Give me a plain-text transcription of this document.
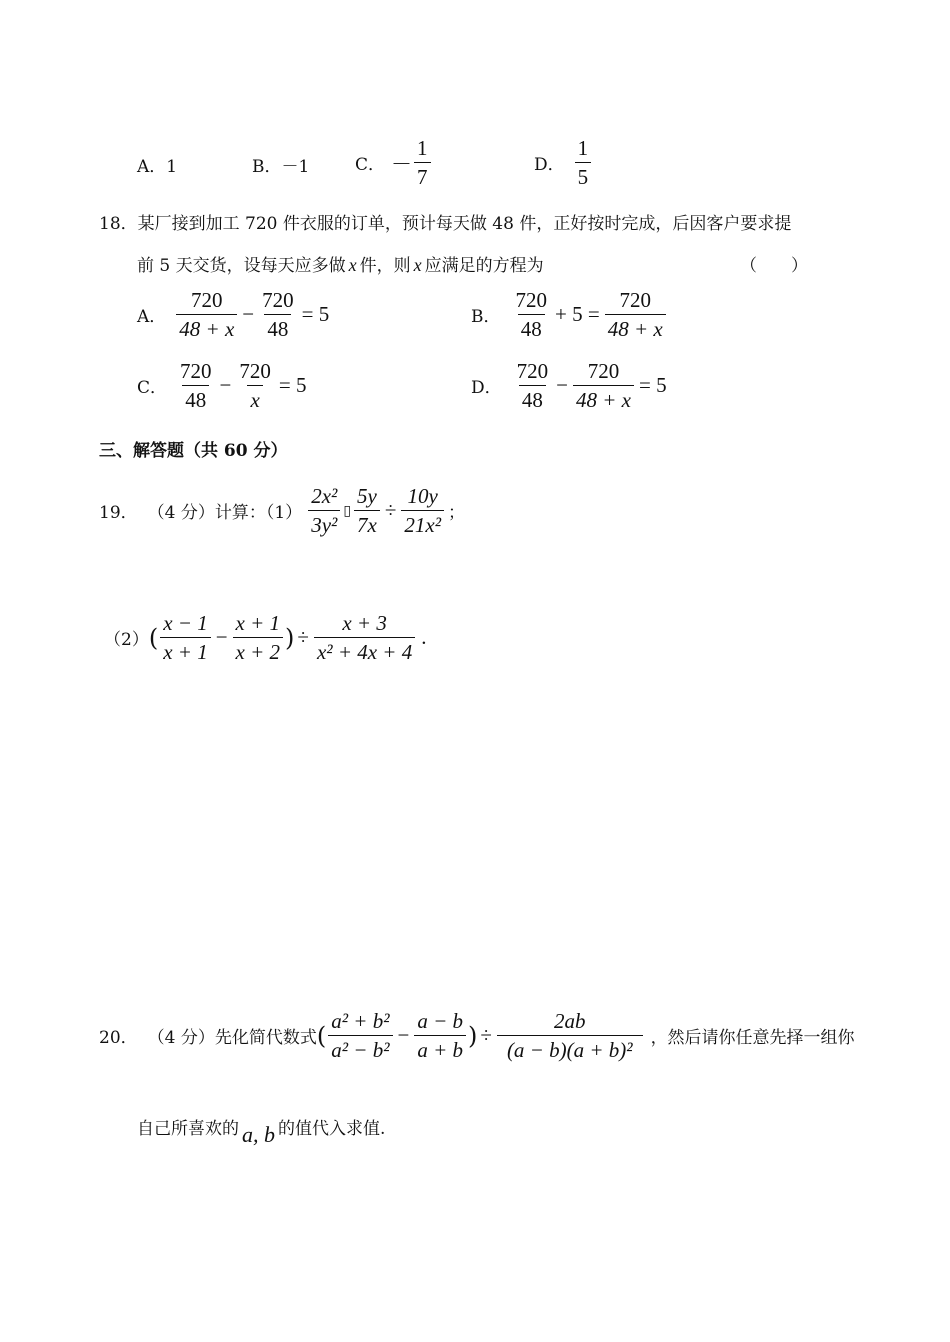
A．1	B．－1	C． － $\frac{1}{7}$	D． $\frac{1}{5}$
18．某厂接到加工 720 件衣服的订单，预计每天做 48 件，正好按时完成，后因客户要求提
前 5 天交货，设每天应多做 x 件，则 x 应满足的方程为	（　　）
A． $\frac{720}{48 + x} - \frac{720}{48} = 5$	B． $\frac{720}{48} + 5 = \frac{720}{48 + x}$
C． $\frac{720}{48} - \frac{720}{x} = 5$	D． $\frac{720}{48} - \frac{720}{48 + x} = 5$
三、解答题（共 60 分）
19． （4 分）计算：$(1) \frac{\text{2x²}}{\text{3y²}}$ ▯ $\frac{5y}{7x} \div \frac{10y}{\text{21x²}}$ ；
（2） ( $\frac{x - 1}{x + 1} - \frac{x + 1}{x + 2}$ ) ÷ $\frac{x + 3}{\text{x² + 4x + 4}}$ .
20． （4 分）先化简代数式 ( $\frac{\text{a² + b²}}{\text{a² − b²}} - \frac{a - b}{a + b}$ ) ÷ $\frac{2ab}{\text{(a − b)(a + b)²}}$ ，然后请你任意先择一组你
自己所喜欢的 a, b 的值代入求值.
